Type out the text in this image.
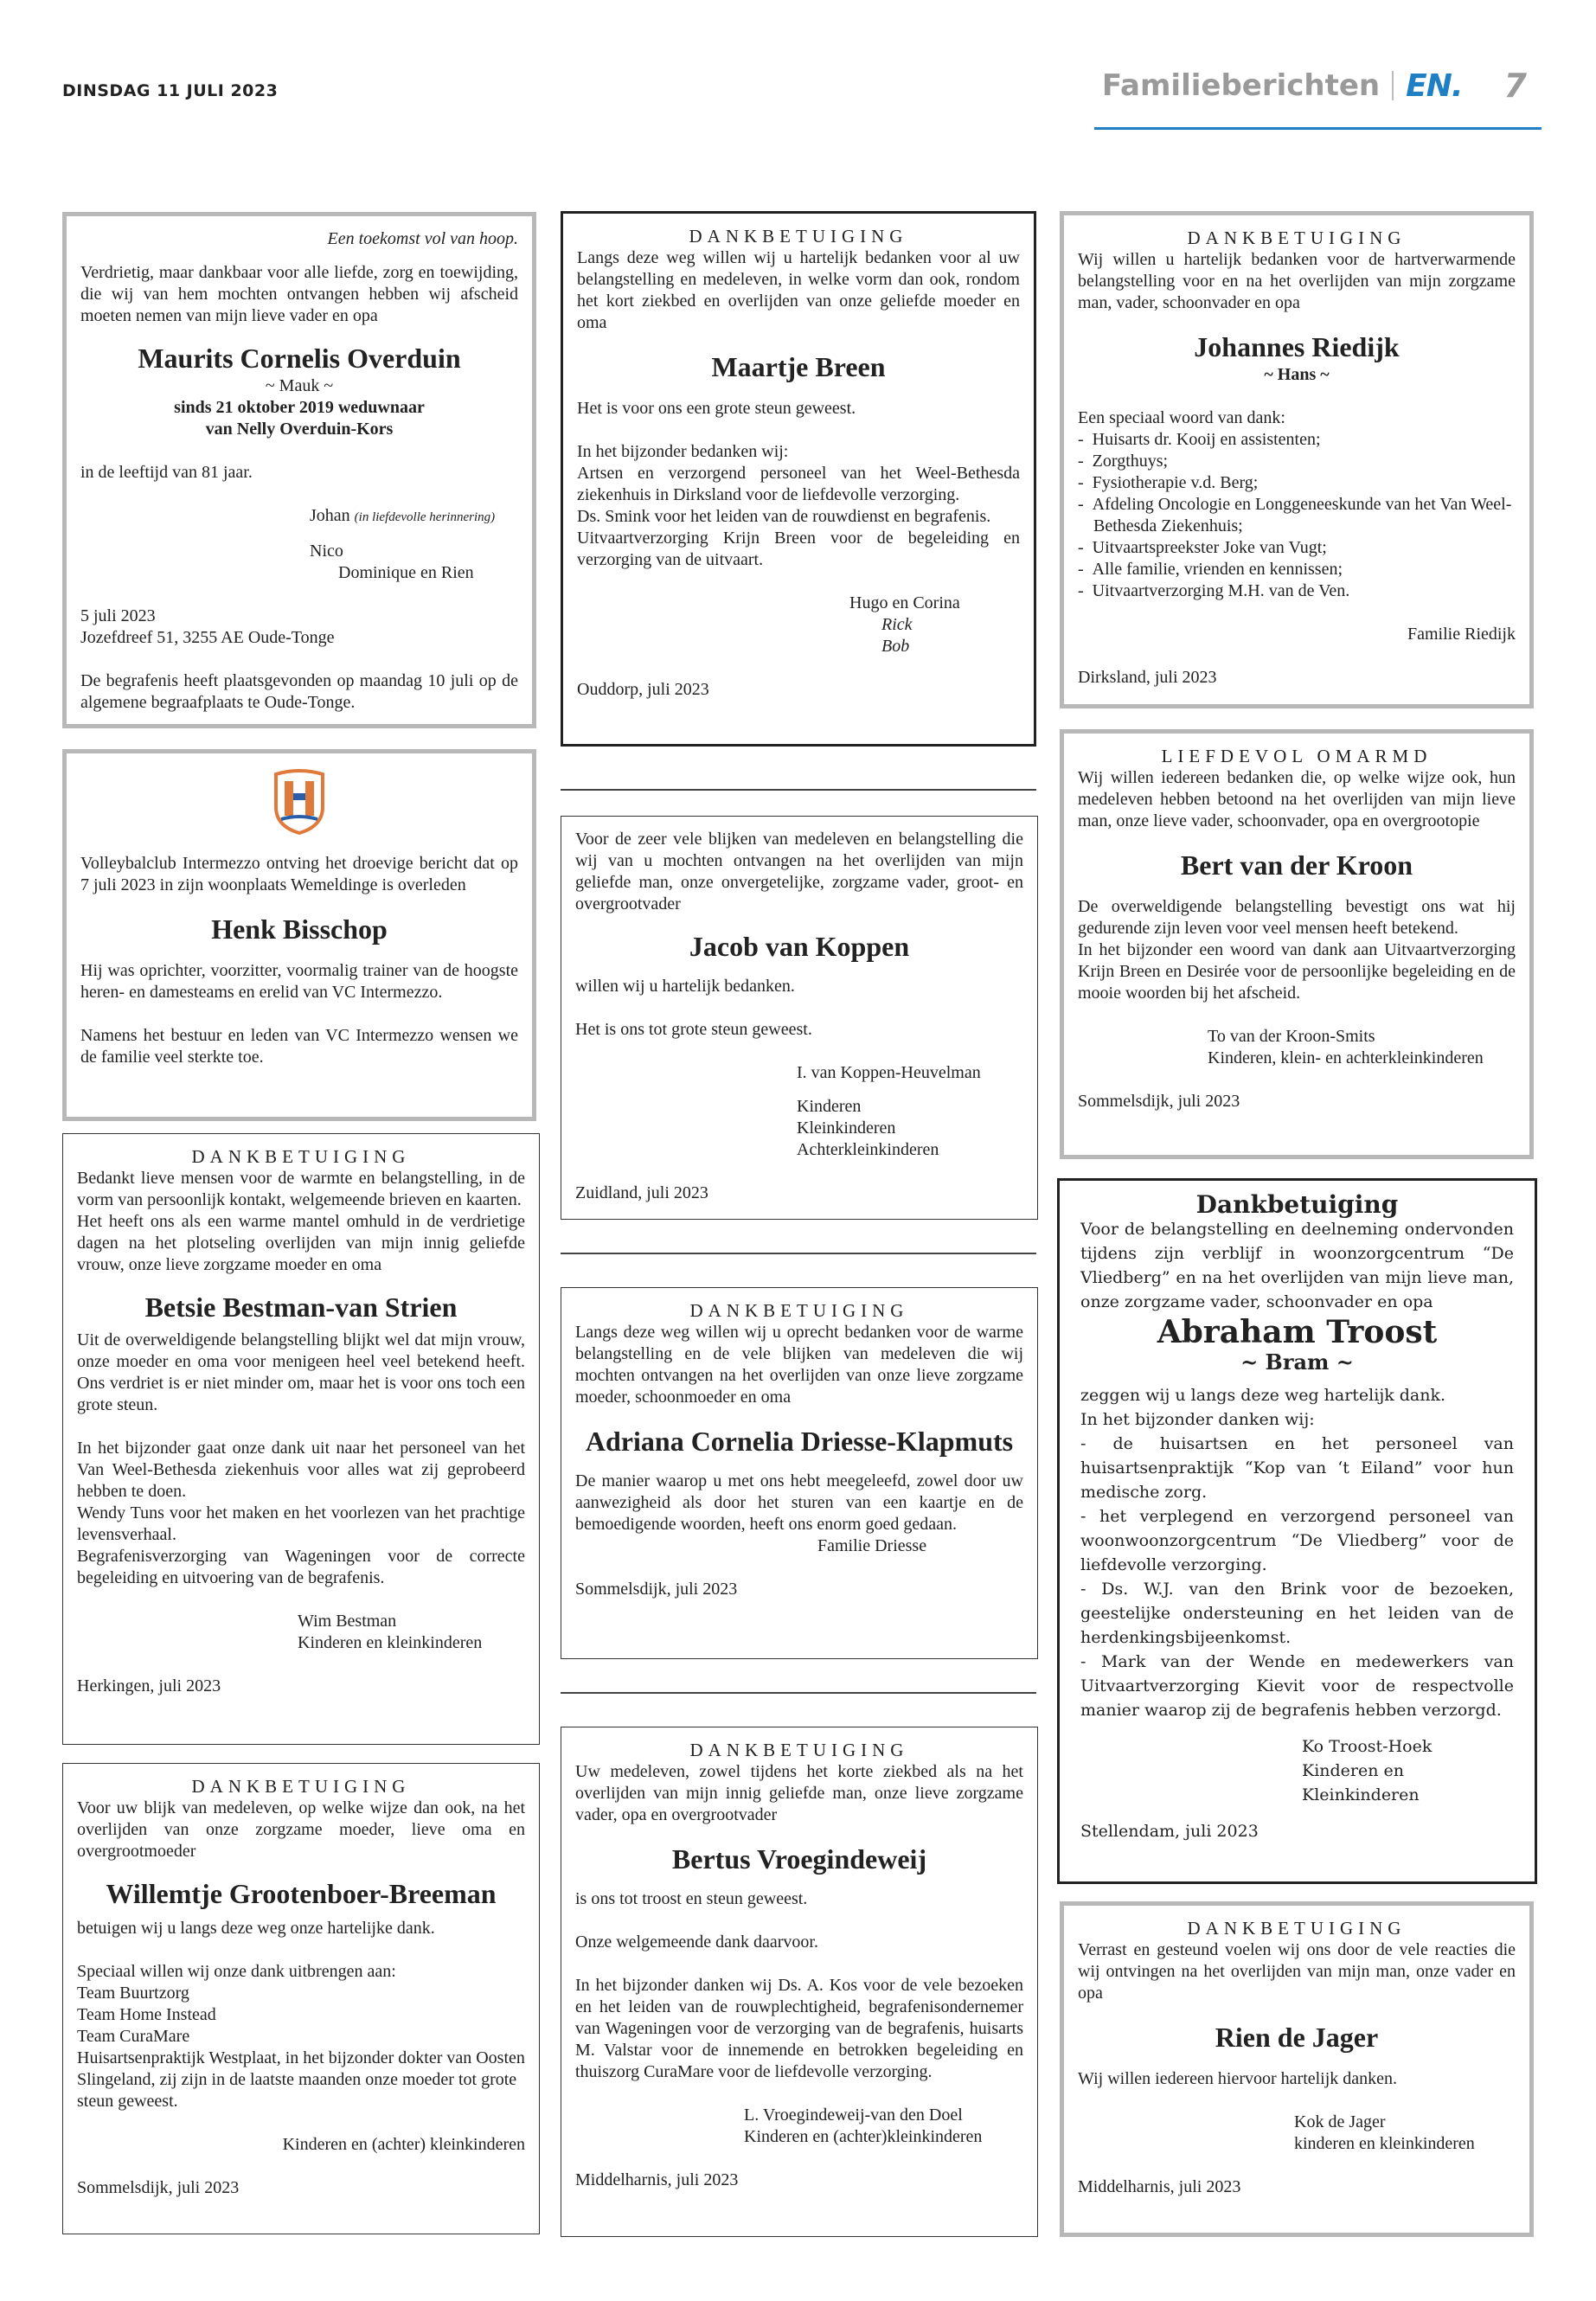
DINSDAG 11 JULI 2023	Familieberichten EN. 7

Een toekomst vol van hoop.

Verdrietig, maar dankbaar voor alle liefde, zorg en toewijding, die wij van hem mochten ontvangen hebben wij afscheid moeten nemen van mijn lieve vader en opa

Maurits Cornelis Overduin

~ Mauk ~

sinds 21 oktober 2019 weduwnaar

van Nelly Overduin-Kors

in de leeftijd van 81 jaar.

Johan (in liefdevolle herinnering)

Nico

Dominique en Rien

5 juli 2023

Jozefdreef 51, 3255 AE Oude-Tonge

De begrafenis heeft plaatsgevonden op maandag 10 juli op de algemene begraafplaats te Oude-Tonge.

Volleybalclub Intermezzo ontving het droevige bericht dat op 7 juli 2023 in zijn woonplaats Wemeldinge is overleden

Henk Bisschop

Hij was oprichter, voorzitter, voormalig trainer van de hoogste heren- en damesteams en erelid van VC Intermezzo.

Namens het bestuur en leden van VC Intermezzo wensen we de familie veel sterkte toe.

DANKBETUIGING

Bedankt lieve mensen voor de warmte en belangstelling, in de vorm van persoonlijk kontakt, welgemeende brieven en kaarten.

Het heeft ons als een warme mantel omhuld in de verdrietige dagen na het plotseling overlijden van mijn innig geliefde vrouw, onze lieve zorgzame moeder en oma

Betsie Bestman-van Strien

Uit de overweldigende belangstelling blijkt wel dat mijn vrouw, onze moeder en oma voor menigeen heel veel betekend heeft. Ons verdriet is er niet minder om, maar het is voor ons toch een grote steun.

In het bijzonder gaat onze dank uit naar het personeel van het Van Weel-Bethesda ziekenhuis voor alles wat zij geprobeerd hebben te doen.

Wendy Tuns voor het maken en het voorlezen van het prachtige levensverhaal.

Begrafenisverzorging van Wageningen voor de correcte begeleiding en uitvoering van de begrafenis.

Wim Bestman

Kinderen en kleinkinderen

Herkingen, juli 2023

DANKBETUIGING

Voor uw blijk van medeleven, op welke wijze dan ook, na het overlijden van onze zorgzame moeder, lieve oma en overgrootmoeder

Willemtje Grootenboer-Breeman

betuigen wij u langs deze weg onze hartelijke dank.

Speciaal willen wij onze dank uitbrengen aan:

Team Buurtzorg

Team Home Instead

Team CuraMare

Huisartsenpraktijk Westplaat, in het bijzonder dokter van Oosten Slingeland, zij zijn in de laatste maanden onze moeder tot grote steun geweest.

Kinderen en (achter) kleinkinderen

Sommelsdijk, juli 2023

DANKBETUIGING

Langs deze weg willen wij u hartelijk bedanken voor al uw belangstelling en medeleven, in welke vorm dan ook, rondom het kort ziekbed en overlijden van onze geliefde moeder en oma

Maartje Breen

Het is voor ons een grote steun geweest.

In het bijzonder bedanken wij:

Artsen en verzorgend personeel van het Weel-Bethesda ziekenhuis in Dirksland voor de liefdevolle verzorging.

Ds. Smink voor het leiden van de rouwdienst en begrafenis.

Uitvaartverzorging Krijn Breen voor de begeleiding en verzorging van de uitvaart.

Hugo en Corina

Rick

Bob

Ouddorp, juli 2023

Voor de zeer vele blijken van medeleven en belangstelling die wij van u mochten ontvangen na het overlijden van mijn geliefde man, onze onvergetelijke, zorgzame vader, groot- en overgrootvader

Jacob van Koppen

willen wij u hartelijk bedanken.

Het is ons tot grote steun geweest.

I. van Koppen-Heuvelman

Kinderen

Kleinkinderen

Achterkleinkinderen

Zuidland, juli 2023

DANKBETUIGING

Langs deze weg willen wij u oprecht bedanken voor de warme belangstelling en de vele blijken van medeleven die wij mochten ontvangen na het overlijden van onze lieve zorgzame moeder, schoonmoeder en oma

Adriana Cornelia Driesse-Klapmuts

De manier waarop u met ons hebt meegeleefd, zowel door uw aanwezigheid als door het sturen van een kaartje en de bemoedigende woorden, heeft ons enorm goed gedaan.

Familie Driesse

Sommelsdijk, juli 2023

DANKBETUIGING

Uw medeleven, zowel tijdens het korte ziekbed als na het overlijden van mijn innig geliefde man, onze lieve zorgzame vader, opa en overgrootvader

Bertus Vroegindeweij

is ons tot troost en steun geweest.

Onze welgemeende dank daarvoor.

In het bijzonder danken wij Ds. A. Kos voor de vele bezoeken en het leiden van de rouwplechtigheid, begrafenisondernemer van Wageningen voor de verzorging van de begrafenis, huisarts M. Valstar voor de innemende en betrokken begeleiding en thuiszorg CuraMare voor de liefdevolle verzorging.

L. Vroegindeweij-van den Doel

Kinderen en (achter)kleinkinderen

Middelharnis, juli 2023

DANKBETUIGING

Wij willen u hartelijk bedanken voor de hartverwarmende belangstelling voor en na het overlijden van mijn zorgzame man, vader, schoonvader en opa

Johannes Riedijk

~ Hans ~

Een speciaal woord van dank:

-  Huisarts dr. Kooij en assistenten;

-  Zorgthuys;

-  Fysiotherapie v.d. Berg;

-  Afdeling Oncologie en Longgeneeskunde van het Van Weel-Bethesda Ziekenhuis;

-  Uitvaartspreekster Joke van Vugt;

-  Alle familie, vrienden en kennissen;

-  Uitvaartverzorging M.H. van de Ven.

Familie Riedijk

Dirksland, juli 2023

LIEFDEVOL OMARMD

Wij willen iedereen bedanken die, op welke wijze ook, hun medeleven hebben betoond na het overlijden van mijn lieve man, onze lieve vader, schoonvader, opa en overgrootopie

Bert van der Kroon

De overweldigende belangstelling bevestigt ons wat hij gedurende zijn leven voor veel mensen heeft betekend.

In het bijzonder een woord van dank aan Uitvaartverzorging Krijn Breen en Desirée voor de persoonlijke begeleiding en de mooie woorden bij het afscheid.

To van der Kroon-Smits

Kinderen, klein- en achterkleinkinderen

Sommelsdijk, juli 2023

Dankbetuiging

Voor de belangstelling en deelneming ondervonden tijdens zijn verblijf in woonzorgcentrum “De Vliedberg” en na het overlijden van mijn lieve man, onze zorgzame vader, schoonvader en opa

Abraham Troost

~ Bram ~

zeggen wij u langs deze weg hartelijk dank.

In het bijzonder danken wij:

- de huisartsen en het personeel van huisartsenpraktijk “Kop van ‘t Eiland” voor hun medische zorg.

- het verplegend en verzorgend personeel van woonwoonzorgcentrum “De Vliedberg” voor de liefdevolle verzorging.

- Ds. W.J. van den Brink voor de bezoeken, geestelijke ondersteuning en het leiden van de herdenkingsbijeenkomst.

- Mark van der Wende en medewerkers van Uitvaartverzorging Kievit voor de respectvolle manier waarop zij de begrafenis hebben verzorgd.

Ko Troost-Hoek

Kinderen en

Kleinkinderen

Stellendam, juli 2023

DANKBETUIGING

Verrast en gesteund voelen wij ons door de vele reacties die wij ontvingen na het overlijden van mijn man, onze vader en opa

Rien de Jager

Wij willen iedereen hiervoor hartelijk danken.

Kok de Jager

kinderen en kleinkinderen

Middelharnis, juli 2023
